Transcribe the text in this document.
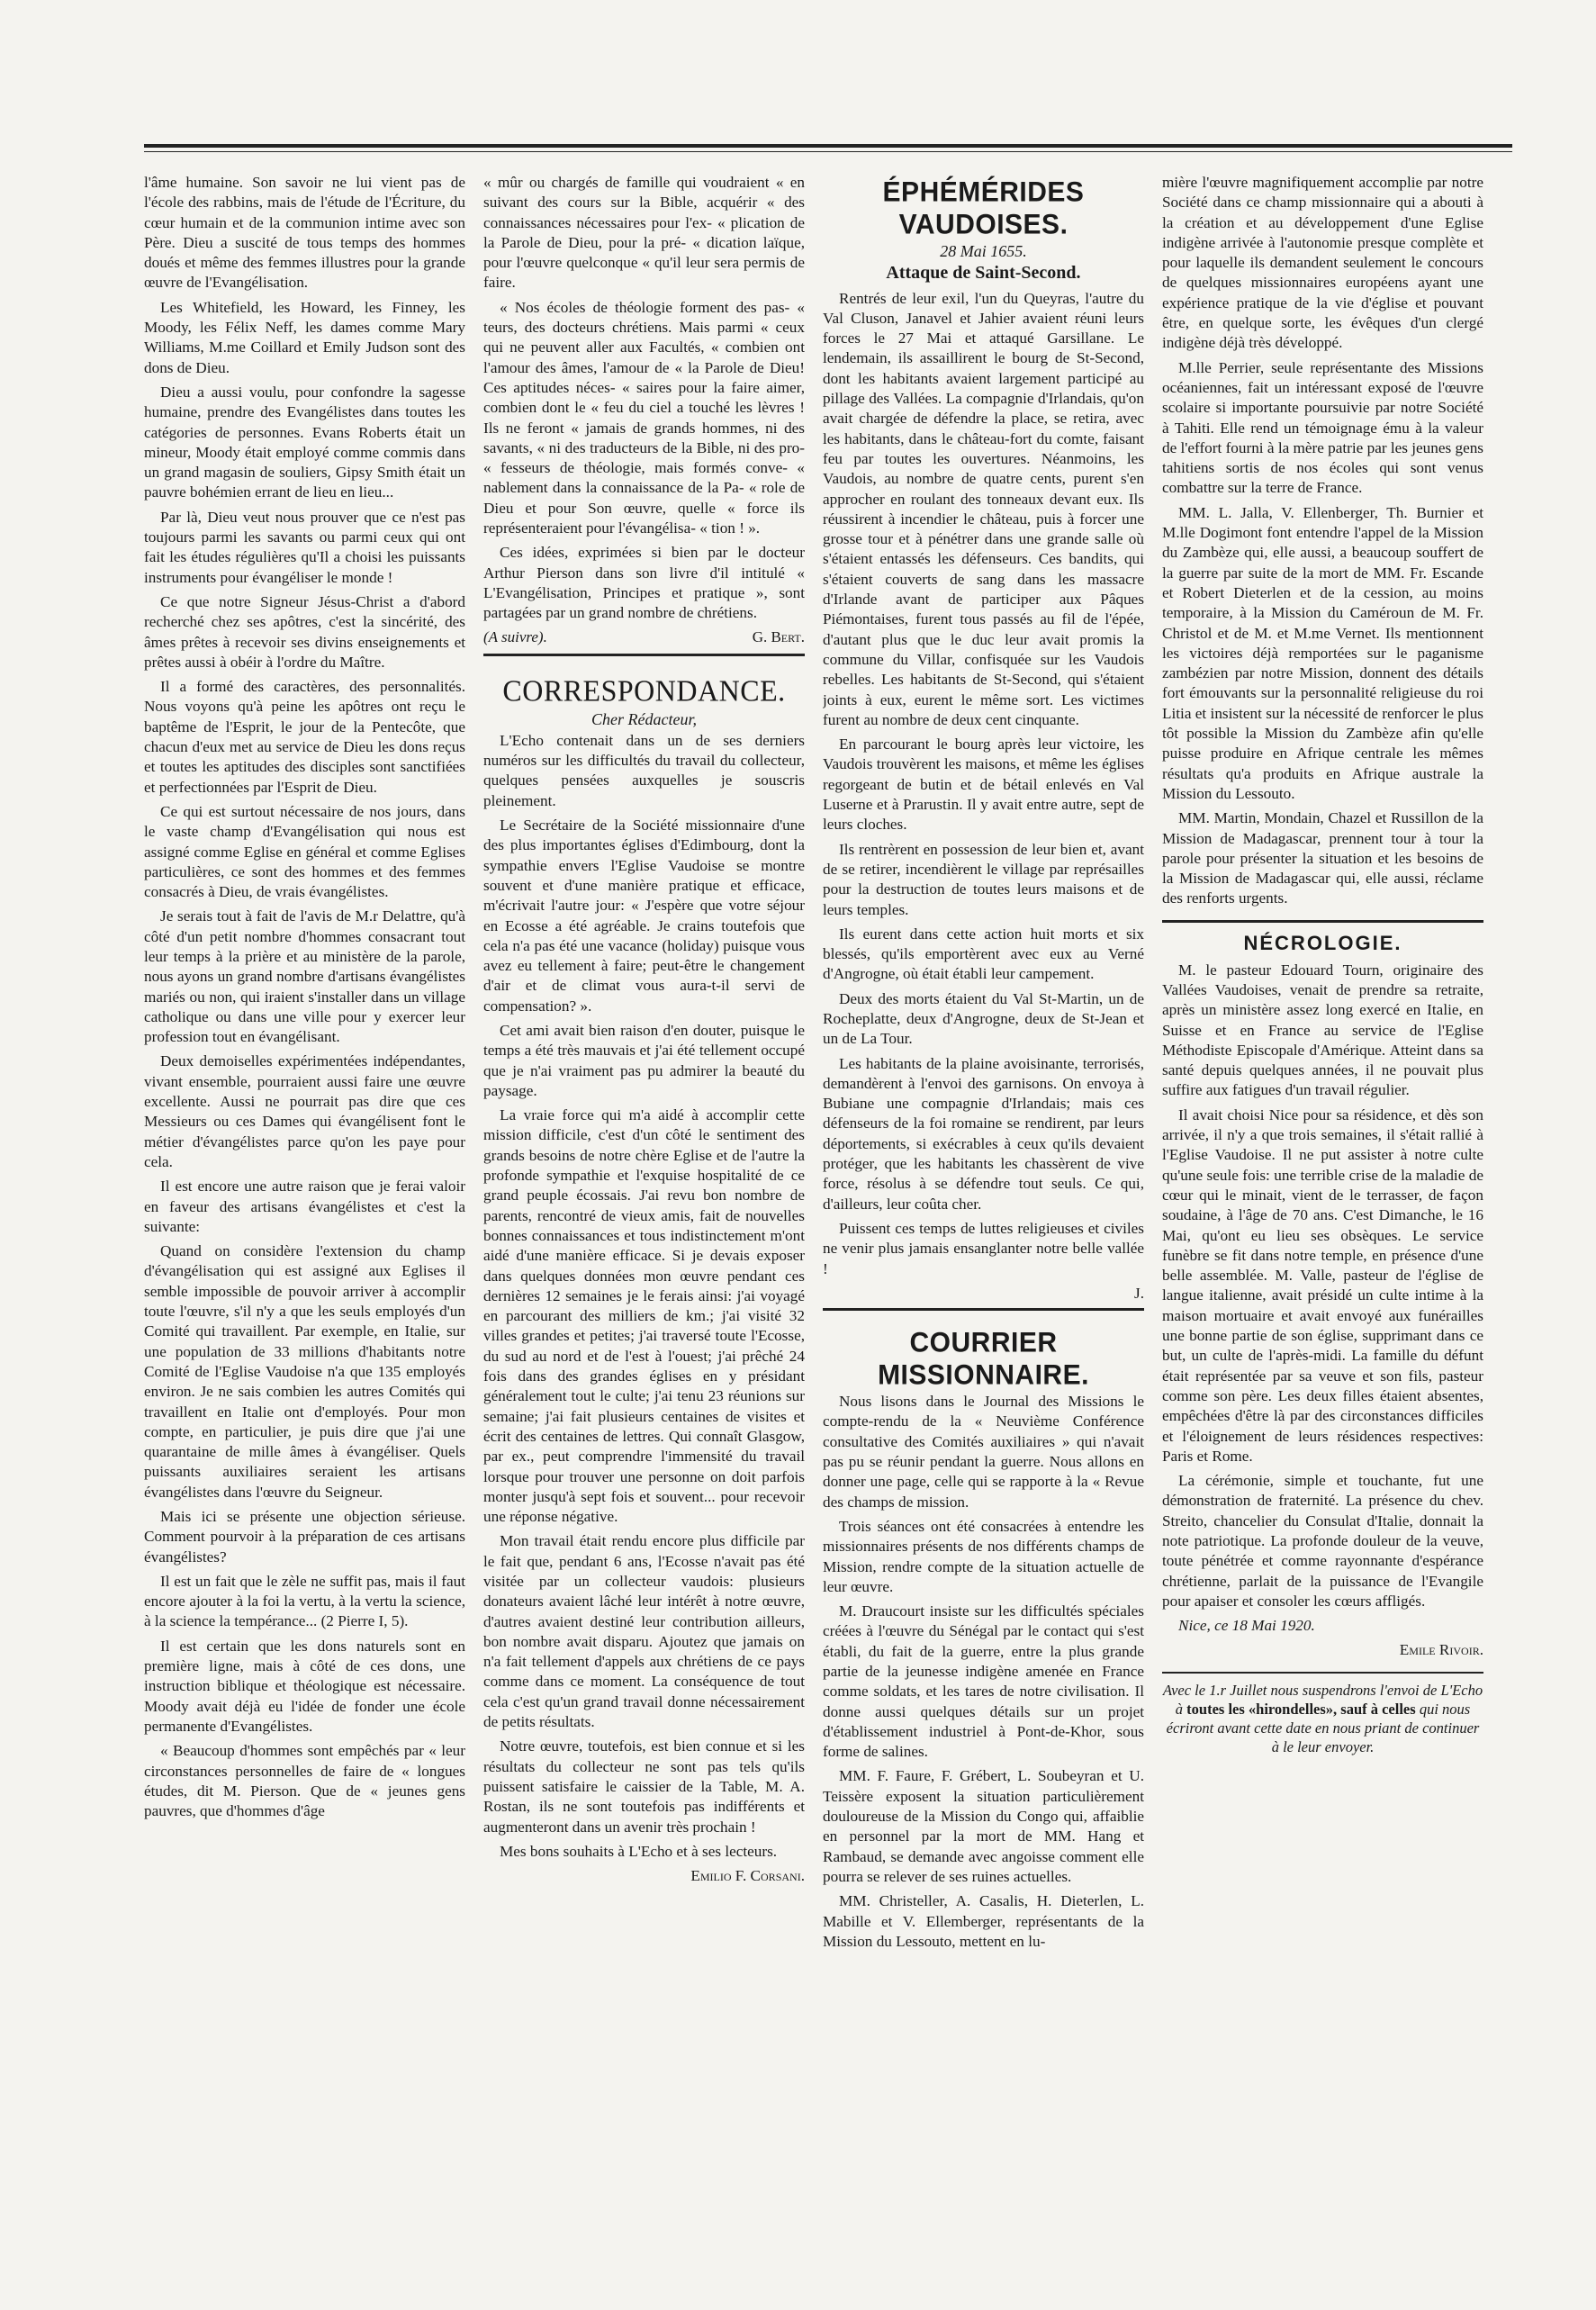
l'âme humaine. Son savoir ne lui vient pas de l'école des rabbins, mais de l'étude de l'Écriture, du cœur humain et de la communion intime avec son Père. Dieu a suscité de tous temps des hommes doués et même des femmes illustres pour la grande œuvre de l'Evangélisation.

Les Whitefield, les Howard, les Finney, les Moody, les Félix Neff, les dames comme Mary Williams, M.me Coillard et Emily Judson sont des dons de Dieu.

Dieu a aussi voulu, pour confondre la sagesse humaine, prendre des Evangélistes dans toutes les catégories de personnes. Evans Roberts était un mineur, Moody était employé comme commis dans un grand magasin de souliers, Gipsy Smith était un pauvre bohémien errant de lieu en lieu...

Par là, Dieu veut nous prouver que ce n'est pas toujours parmi les savants ou parmi ceux qui ont fait les études régulières qu'Il a choisi les puissants instruments pour évangéliser le monde !

Ce que notre Signeur Jésus-Christ a d'abord recherché chez ses apôtres, c'est la sincérité, des âmes prêtes à recevoir ses divins enseignements et prêtes aussi à obéir à l'ordre du Maître.

Il a formé des caractères, des personnalités. Nous voyons qu'à peine les apôtres ont reçu le baptême de l'Esprit, le jour de la Pentecôte, que chacun d'eux met au service de Dieu les dons reçus et toutes les aptitudes des disciples sont sanctifiées et perfectionnées par l'Esprit de Dieu.

Ce qui est surtout nécessaire de nos jours, dans le vaste champ d'Evangélisation qui nous est assigné comme Eglise en général et comme Eglises particulières, ce sont des hommes et des femmes consacrés à Dieu, de vrais évangélistes.

Je serais tout à fait de l'avis de M.r Delattre, qu'à côté d'un petit nombre d'hommes consacrant tout leur temps à la prière et au ministère de la parole, nous ayons un grand nombre d'artisans évangélistes mariés ou non, qui iraient s'installer dans un village catholique ou dans une ville pour y exercer leur profession tout en évangélisant.

Deux demoiselles expérimentées indépendantes, vivant ensemble, pourraient aussi faire une œuvre excellente. Aussi ne pourrait pas dire que ces Messieurs ou ces Dames qui évangélisent font le métier d'évangélistes parce qu'on les paye pour cela.

Il est encore une autre raison que je ferai valoir en faveur des artisans évangélistes et c'est la suivante:

Quand on considère l'extension du champ d'évangélisation qui est assigné aux Eglises il semble impossible de pouvoir arriver à accomplir toute l'œuvre, s'il n'y a que les seuls employés d'un Comité qui travaillent. Par exemple, en Italie, sur une population de 33 millions d'habitants notre Comité de l'Eglise Vaudoise n'a que 135 employés environ. Je ne sais combien les autres Comités qui travaillent en Italie ont d'employés. Pour mon compte, en particulier, je puis dire que j'ai une quarantaine de mille âmes à évangéliser. Quels puissants auxiliaires seraient les artisans évangélistes dans l'œuvre du Seigneur.

Mais ici se présente une objection sérieuse. Comment pourvoir à la préparation de ces artisans évangélistes?

Il est un fait que le zèle ne suffit pas, mais il faut encore ajouter à la foi la vertu, à la vertu la science, à la science la tempérance... (2 Pierre I, 5).

Il est certain que les dons naturels sont en première ligne, mais à côté de ces dons, une instruction biblique et théologique est nécessaire. Moody avait déjà eu l'idée de fonder une école permanente d'Evangélistes.

« Beaucoup d'hommes sont empêchés par « leur circonstances personnelles de faire de « longues études, dit M. Pierson. Que de « jeunes gens pauvres, que d'hommes d'âge

« mûr ou chargés de famille qui voudraient « en suivant des cours sur la Bible, acquérir « des connaissances nécessaires pour l'ex- « plication de la Parole de Dieu, pour la pré- « dication laïque, pour l'œuvre quelconque « qu'il leur sera permis de faire.

« Nos écoles de théologie forment des pas- « teurs, des docteurs chrétiens. Mais parmi « ceux qui ne peuvent aller aux Facultés, « combien ont l'amour des âmes, l'amour de « la Parole de Dieu! Ces aptitudes néces- « saires pour la faire aimer, combien dont le « feu du ciel a touché les lèvres ! Ils ne feront « jamais de grands hommes, ni des savants, « ni des traducteurs de la Bible, ni des pro- « fesseurs de théologie, mais formés conve- « nablement dans la connaissance de la Pa- « role de Dieu et pour Son œuvre, quelle « force ils représenteraient pour l'évangélisa- « tion ! ».

Ces idées, exprimées si bien par le docteur Arthur Pierson dans son livre d'il intitulé « L'Evangélisation, Principes et pratique », sont partagées par un grand nombre de chrétiens.

(A suivre).	G. Bert.
CORRESPONDANCE.

Cher Rédacteur,

L'Echo contenait dans un de ses derniers numéros sur les difficultés du travail du collecteur, quelques pensées auxquelles je souscris pleinement.

Le Secrétaire de la Société missionnaire d'une des plus importantes églises d'Edimbourg, dont la sympathie envers l'Eglise Vaudoise se montre souvent et d'une manière pratique et efficace, m'écrivait l'autre jour: « J'espère que votre séjour en Ecosse a été agréable. Je crains toutefois que cela n'a pas été une vacance (holiday) puisque vous avez eu tellement à faire; peut-être le changement d'air et de climat vous aura-t-il servi de compensation? ».

Cet ami avait bien raison d'en douter, puisque le temps a été très mauvais et j'ai été tellement occupé que je n'ai vraiment pas pu admirer la beauté du paysage.

La vraie force qui m'a aidé à accomplir cette mission difficile, c'est d'un côté le sentiment des grands besoins de notre chère Eglise et de l'autre la profonde sympathie et l'exquise hospitalité de ce grand peuple écossais. J'ai revu bon nombre de parents, rencontré de vieux amis, fait de nouvelles bonnes connaissances et tous indistinctement m'ont aidé d'une manière efficace. Si je devais exposer dans quelques données mon œuvre pendant ces dernières 12 semaines je le ferais ainsi: j'ai voyagé en parcourant des milliers de km.; j'ai visité 32 villes grandes et petites; j'ai traversé toute l'Ecosse, du sud au nord et de l'est à l'ouest; j'ai prêché 24 fois dans des grandes églises en y présidant généralement tout le culte; j'ai tenu 23 réunions sur semaine; j'ai fait plusieurs centaines de visites et écrit des centaines de lettres. Qui connaît Glasgow, par ex., peut comprendre l'immensité du travail lorsque pour trouver une personne on doit parfois monter jusqu'à sept fois et souvent... pour recevoir une réponse négative.

Mon travail était rendu encore plus difficile par le fait que, pendant 6 ans, l'Ecosse n'avait pas été visitée par un collecteur vaudois: plusieurs donateurs avaient lâché leur intérêt à notre œuvre, d'autres avaient destiné leur contribution ailleurs, bon nombre avait disparu. Ajoutez que jamais on n'a fait tellement d'appels aux chrétiens de ce pays comme dans ce moment. La conséquence de tout cela c'est qu'un grand travail donne nécessairement de petits résultats.

Notre œuvre, toutefois, est bien connue et si les résultats du collecteur ne sont pas tels qu'ils puissent satisfaire le caissier de la Table, M. A. Rostan, ils ne sont toutefois pas indifférents et augmenteront dans un avenir très prochain !

Mes bons souhaits à L'Echo et à ses lecteurs.

Emilio F. Corsani.

ÉPHÉMÉRIDES VAUDOISES.

28 Mai 1655.

Attaque de Saint-Second.

Rentrés de leur exil, l'un du Queyras, l'autre du Val Cluson, Janavel et Jahier avaient réuni leurs forces le 27 Mai et attaqué Garsillane. Le lendemain, ils assaillirent le bourg de St-Second, dont les habitants avaient largement participé au pillage des Vallées. La compagnie d'Irlandais, qu'on avait chargée de défendre la place, se retira, avec les habitants, dans le château-fort du comte, faisant feu par toutes les ouvertures. Néanmoins, les Vaudois, au nombre de quatre cents, purent s'en approcher en roulant des tonneaux devant eux. Ils réussirent à incendier le château, puis à forcer une grosse tour et à pénétrer dans une grande salle où s'étaient entassés les défenseurs. Ces bandits, qui s'étaient couverts de sang dans les massacre d'Irlande avant de participer aux Pâques Piémontaises, furent tous passés au fil de l'épée, d'autant plus que le duc leur avait promis la commune du Villar, confisquée sur les Vaudois rebelles. Les habitants de St-Second, qui s'étaient joints à eux, eurent le même sort. Les victimes furent au nombre de deux cent cinquante.

En parcourant le bourg après leur victoire, les Vaudois trouvèrent les maisons, et même les églises regorgeant de butin et de bétail enlevés en Val Luserne et à Prarustin. Il y avait entre autre, sept de leurs cloches.

Ils rentrèrent en possession de leur bien et, avant de se retirer, incendièrent le village par représailles pour la destruction de toutes leurs maisons et de leurs temples.

Ils eurent dans cette action huit morts et six blessés, qu'ils emportèrent avec eux au Verné d'Angrogne, où était établi leur campement.

Deux des morts étaient du Val St-Martin, un de Rocheplatte, deux d'Angrogne, deux de St-Jean et un de La Tour.

Les habitants de la plaine avoisinante, terrorisés, demandèrent à l'envoi des garnisons. On envoya à Bubiane une compagnie d'Irlandais; mais ces défenseurs de la foi romaine se rendirent, par leurs déportements, si exécrables à ceux qu'ils devaient protéger, que les habitants les chassèrent de vive force, résolus à se défendre tout seuls. Ce qui, d'ailleurs, leur coûta cher.

Puissent ces temps de luttes religieuses et civiles ne venir plus jamais ensanglanter notre belle vallée !

J.

COURRIER MISSIONNAIRE.

Nous lisons dans le Journal des Missions le compte-rendu de la « Neuvième Conférence consultative des Comités auxiliaires » qui n'avait pas pu se réunir pendant la guerre. Nous allons en donner une page, celle qui se rapporte à la « Revue des champs de mission.

Trois séances ont été consacrées à entendre les missionnaires présents de nos différents champs de Mission, rendre compte de la situation actuelle de leur œuvre.

M. Draucourt insiste sur les difficultés spéciales créées à l'œuvre du Sénégal par le contact qui s'est établi, du fait de la guerre, entre la plus grande partie de la jeunesse indigène amenée en France comme soldats, et les tares de notre civilisation. Il donne aussi quelques détails sur un projet d'établissement industriel à Pont-de-Khor, sous forme de salines.

MM. F. Faure, F. Grébert, L. Soubeyran et U. Teissère exposent la situation particulièrement douloureuse de la Mission du Congo qui, affaiblie en personnel par la mort de MM. Hang et Rambaud, se demande avec angoisse comment elle pourra se relever de ses ruines actuelles.

MM. Christeller, A. Casalis, H. Dieterlen, L. Mabille et V. Ellemberger, représentants de la Mission du Lessouto, mettent en lu-

mière l'œuvre magnifiquement accomplie par notre Société dans ce champ missionnaire qui a abouti à la création et au développement d'une Eglise indigène arrivée à l'autonomie presque complète et pour laquelle ils demandent seulement le concours de quelques missionnaires européens ayant une expérience pratique de la vie d'église et pouvant être, en quelque sorte, les évêques d'un clergé indigène déjà très développé.

M.lle Perrier, seule représentante des Missions océaniennes, fait un intéressant exposé de l'œuvre scolaire si importante poursuivie par notre Société à Tahiti. Elle rend un témoignage ému à la valeur de l'effort fourni à la mère patrie par les jeunes gens tahitiens sortis de nos écoles qui sont venus combattre sur la terre de France.

MM. L. Jalla, V. Ellenberger, Th. Burnier et M.lle Dogimont font entendre l'appel de la Mission du Zambèze qui, elle aussi, a beaucoup souffert de la guerre par suite de la mort de MM. Fr. Escande et Robert Dieterlen et de la cession, au moins temporaire, à la Mission du Caméroun de M. Fr. Christol et de M. et M.me Vernet. Ils mentionnent les victoires déjà remportées sur le paganisme zambézien par notre Mission, donnent des détails fort émouvants sur la personnalité religieuse du roi Litia et insistent sur la nécessité de renforcer le plus tôt possible la Mission du Zambèze afin qu'elle puisse produire en Afrique centrale les mêmes résultats qu'a produits en Afrique australe la Mission du Lessouto.

MM. Martin, Mondain, Chazel et Russillon de la Mission de Madagascar, prennent tour à tour la parole pour présenter la situation et les besoins de la Mission de Madagascar qui, elle aussi, réclame des renforts urgents.

NÉCROLOGIE.

M. le pasteur Edouard Tourn, originaire des Vallées Vaudoises, venait de prendre sa retraite, après un ministère assez long exercé en Italie, en Suisse et en France au service de l'Eglise Méthodiste Episcopale d'Amérique. Atteint dans sa santé depuis quelques années, il ne pouvait plus suffire aux fatigues d'un travail régulier.

Il avait choisi Nice pour sa résidence, et dès son arrivée, il n'y a que trois semaines, il s'était rallié à l'Eglise Vaudoise. Il ne put assister à notre culte qu'une seule fois: une terrible crise de la maladie de cœur qui le minait, vient de le terrasser, de façon soudaine, à l'âge de 70 ans. C'est Dimanche, le 16 Mai, qu'ont eu lieu ses obsèques. Le service funèbre se fit dans notre temple, en présence d'une belle assemblée. M. Valle, pasteur de l'église de langue italienne, avait présidé un culte intime à la maison mortuaire et avait envoyé aux funérailles une bonne partie de son église, supprimant dans ce but, un culte de l'après-midi. La famille du défunt était représentée par sa veuve et son fils, pasteur comme son père. Les deux filles étaient absentes, empêchées d'être là par des circonstances difficiles et l'éloignement de leurs résidences respectives: Paris et Rome.

La cérémonie, simple et touchante, fut une démonstration de fraternité. La présence du chev. Streito, chancelier du Consulat d'Italie, donnait la note patriotique. La profonde douleur de la veuve, toute pénétrée et comme rayonnante d'espérance chrétienne, parlait de la puissance de l'Evangile pour apaiser et consoler les cœurs affligés.

Nice, ce 18 Mai 1920.

Emile Rivoir.

Avec le 1.r Juillet nous suspendrons l'envoi de L'Echo à toutes les «hirondelles», sauf à celles qui nous écriront avant cette date en nous priant de continuer à le leur envoyer.
